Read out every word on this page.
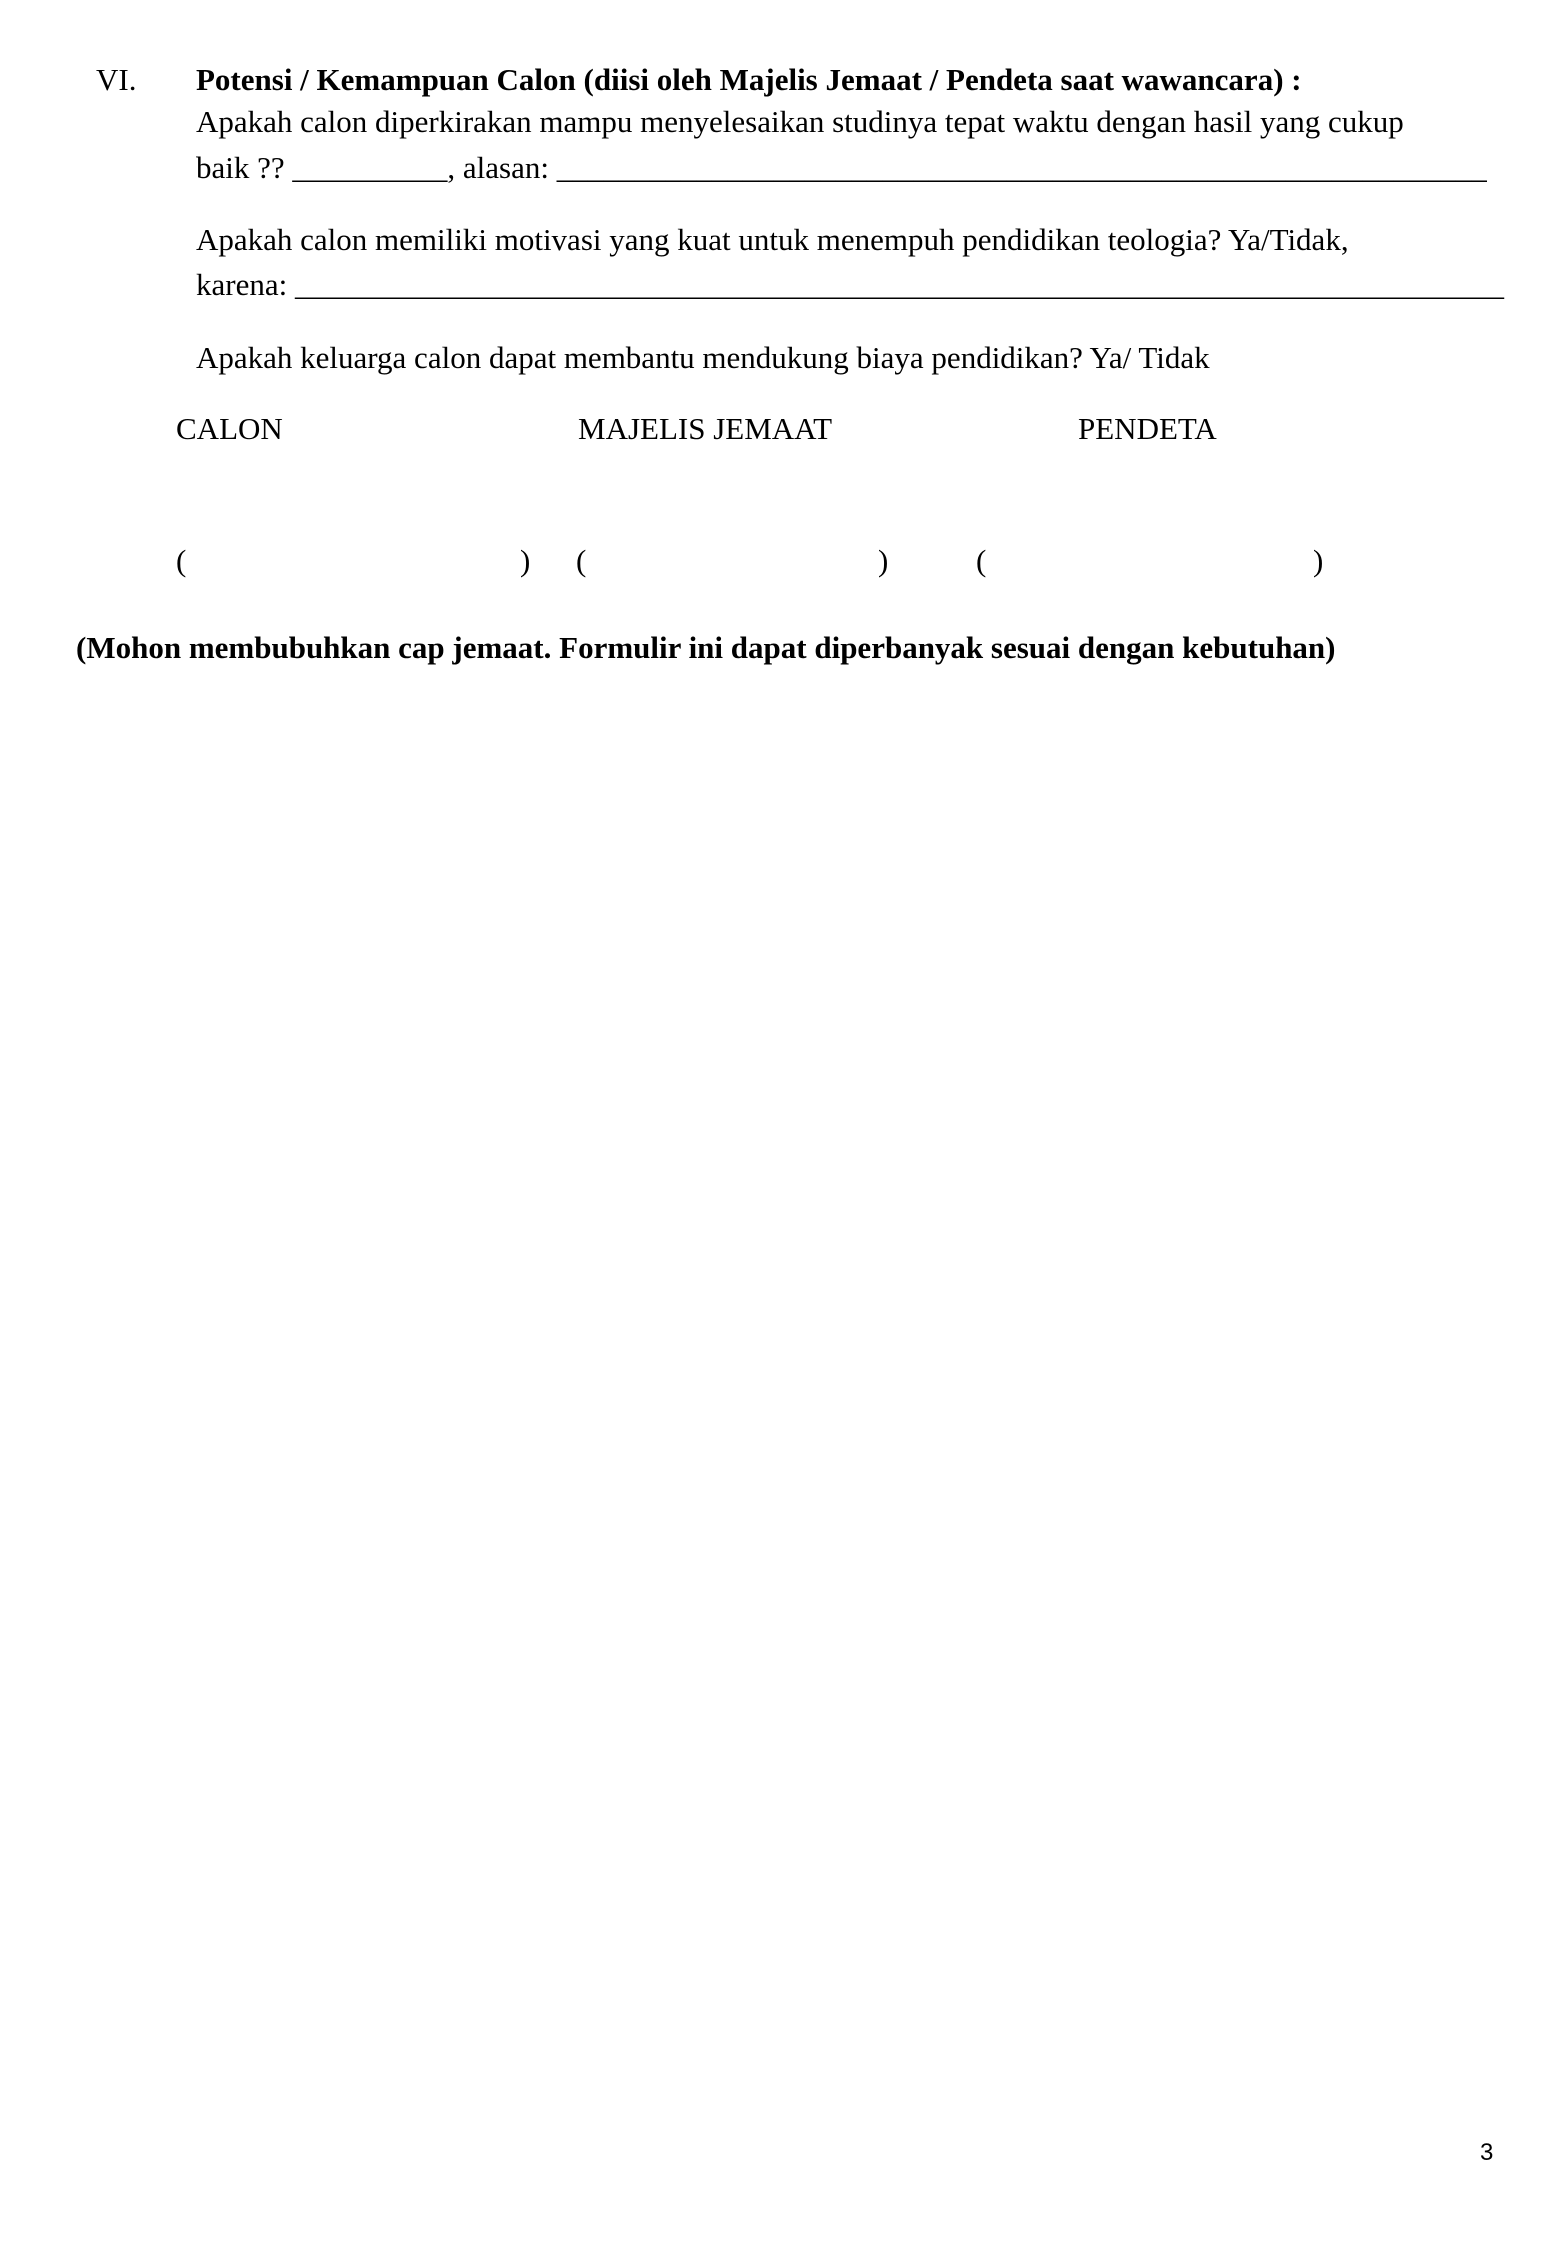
VI. Potensi / Kemampuan Calon (diisi oleh Majelis Jemaat / Pendeta saat wawancara) :
Apakah calon diperkirakan mampu menyelesaikan studinya tepat waktu dengan hasil yang cukup
baik ?? __________, alasan: ____________________________________________________________
Apakah calon memiliki motivasi yang kuat untuk menempuh pendidikan teologia? Ya/Tidak,
karena: ______________________________________________________________________________
Apakah keluarga calon dapat membantu mendukung biaya pendidikan? Ya/ Tidak
CALON	MAJELIS JEMAAT	PENDETA
(	) (	)	(	)
(Mohon membubuhkan cap jemaat. Formulir ini dapat diperbanyak sesuai dengan kebutuhan)
3
